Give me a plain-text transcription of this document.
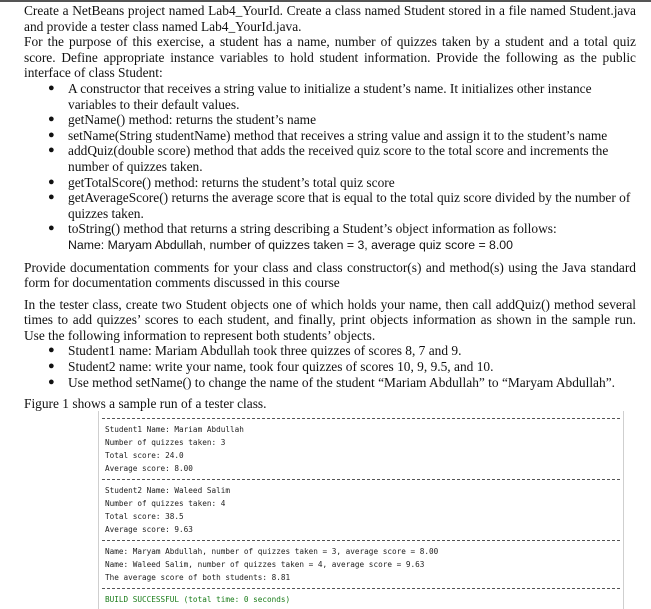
Create a NetBeans project named Lab4_YourId. Create a class named Student stored in a file named Student.java and provide a tester class named Lab4_YourId.java.

For the purpose of this exercise, a student has a name, number of quizzes taken by a student and a total quiz score. Define appropriate instance variables to hold student information. Provide the following as the public interface of class Student:

● A constructor that receives a string value to initialize a student’s name. It initializes other instance variables to their default values.
● getName() method: returns the student’s name
● setName(String studentName) method that receives a string value and assign it to the student’s name
● addQuiz(double score) method that adds the received quiz score to the total score and increments the number of quizzes taken.
● getTotalScore() method: returns the student’s total quiz score
● getAverageScore() returns the average score that is equal to the total quiz score divided by the number of quizzes taken.
● toString() method that returns a string describing a Student’s object information as follows:
Name: Maryam Abdullah, number of quizzes taken = 3, average quiz score = 8.00

Provide documentation comments for your class and class constructor(s) and method(s) using the Java standard form for documentation comments discussed in this course

In the tester class, create two Student objects one of which holds your name, then call addQuiz() method several times to add quizzes’ scores to each student, and finally, print objects information as shown in the sample run. Use the following information to represent both students’ objects.

● Student1 name: Mariam Abdullah took three quizzes of scores 8, 7 and 9.
● Student2 name: write your name, took four quizzes of scores 10, 9, 9.5, and 10.
● Use method setName() to change the name of the student “Mariam Abdullah” to “Maryam Abdullah”.

Figure 1 shows a sample run of a tester class.

Student1 Name: Mariam Abdullah
Number of quizzes taken: 3
Total score: 24.0
Average score: 8.00
Student2 Name: Waleed Salim
Number of quizzes taken: 4
Total score: 38.5
Average score: 9.63
Name: Maryam Abdullah, number of quizzes taken = 3, average score = 8.00
Name: Waleed Salim, number of quizzes taken = 4, average score = 9.63
The average score of both students: 8.81
BUILD SUCCESSFUL (total time: 0 seconds)
